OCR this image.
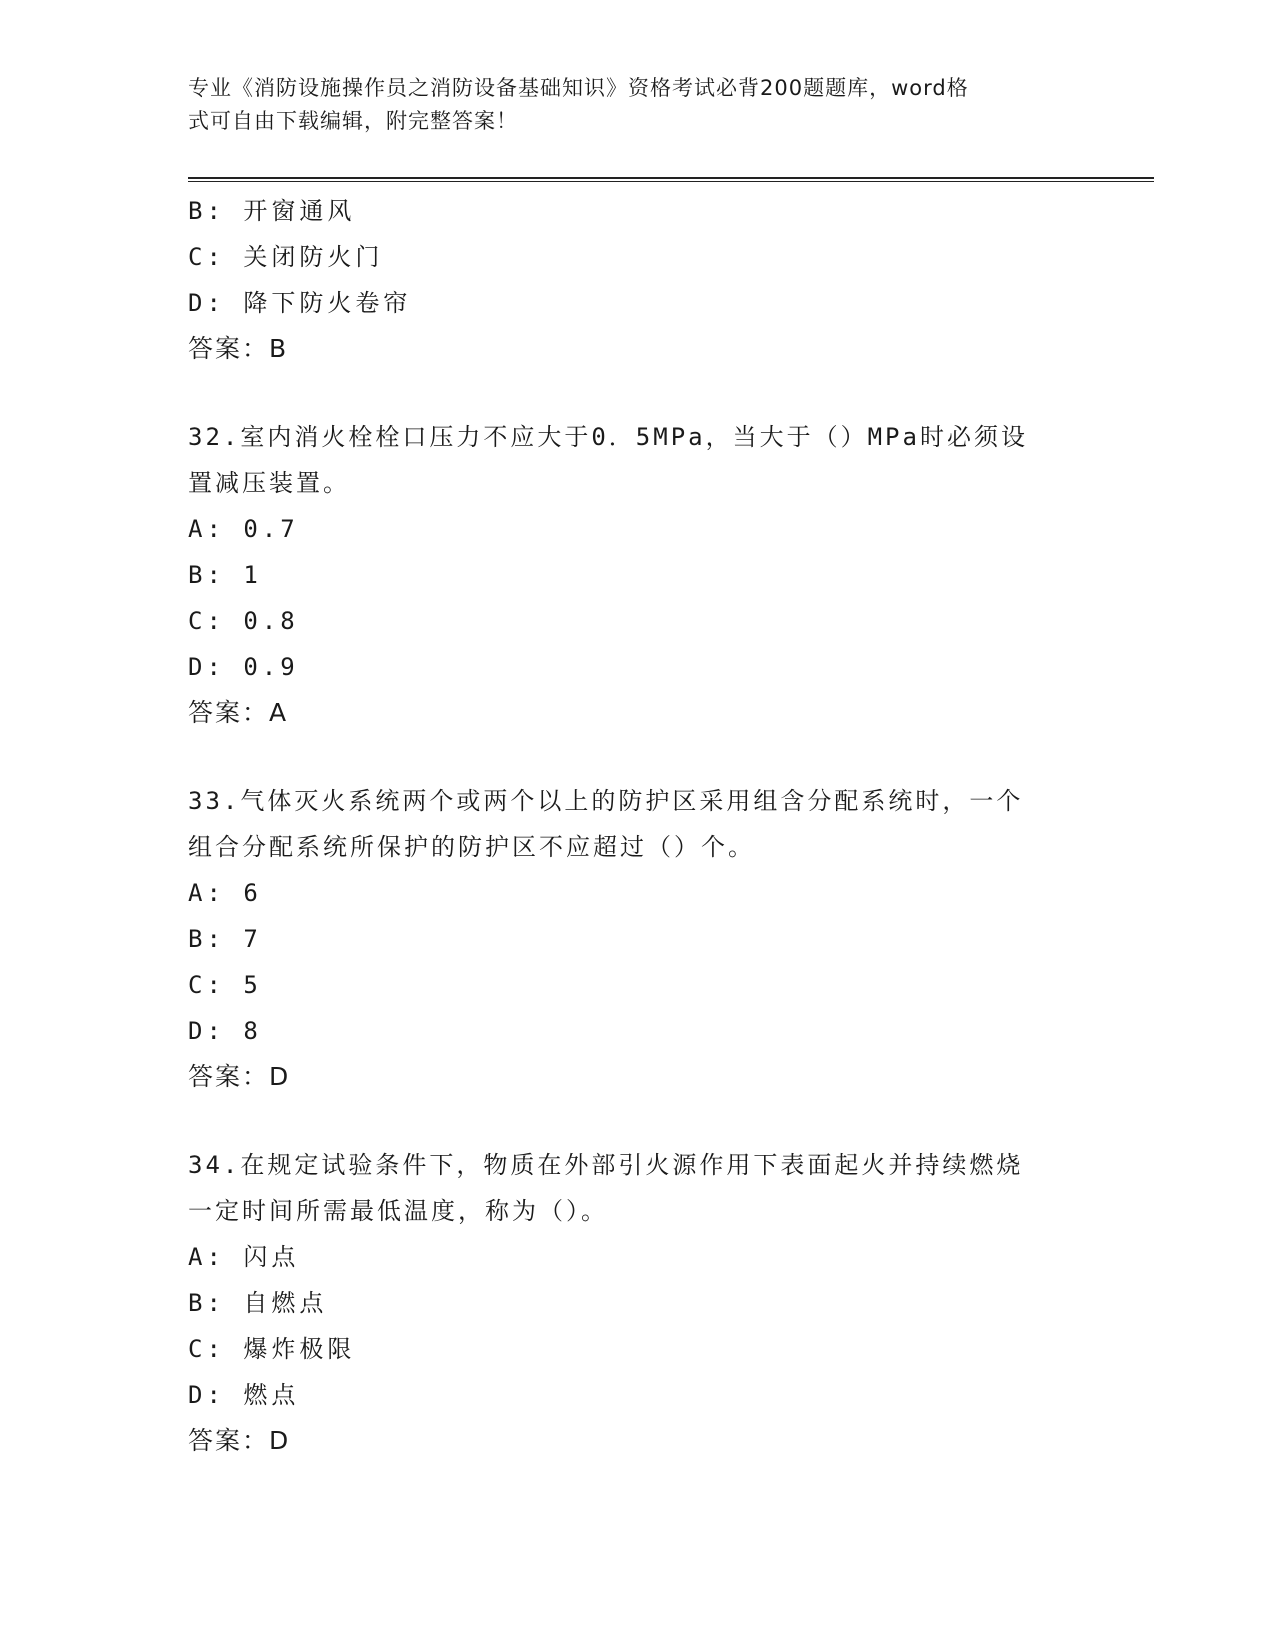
专业《消防设施操作员之消防设备基础知识》资格考试必背200题题库，word格
式可自由下载编辑，附完整答案！
B: 开窗通风
C: 关闭防火门
D: 降下防火卷帘
答案：B
32.室内消火栓栓口压力不应大于0．5MPa，当大于（）MPa时必须设
置减压装置。
A: 0.7
B: 1
C: 0.8
D: 0.9
答案：A
33.气体灭火系统两个或两个以上的防护区采用组含分配系统时，一个
组合分配系统所保护的防护区不应超过（）个。
A: 6
B: 7
C: 5
D: 8
答案：D
34.在规定试验条件下，物质在外部引火源作用下表面起火并持续燃烧
一定时间所需最低温度，称为（）。
A: 闪点
B: 自燃点
C: 爆炸极限
D: 燃点
答案：D
